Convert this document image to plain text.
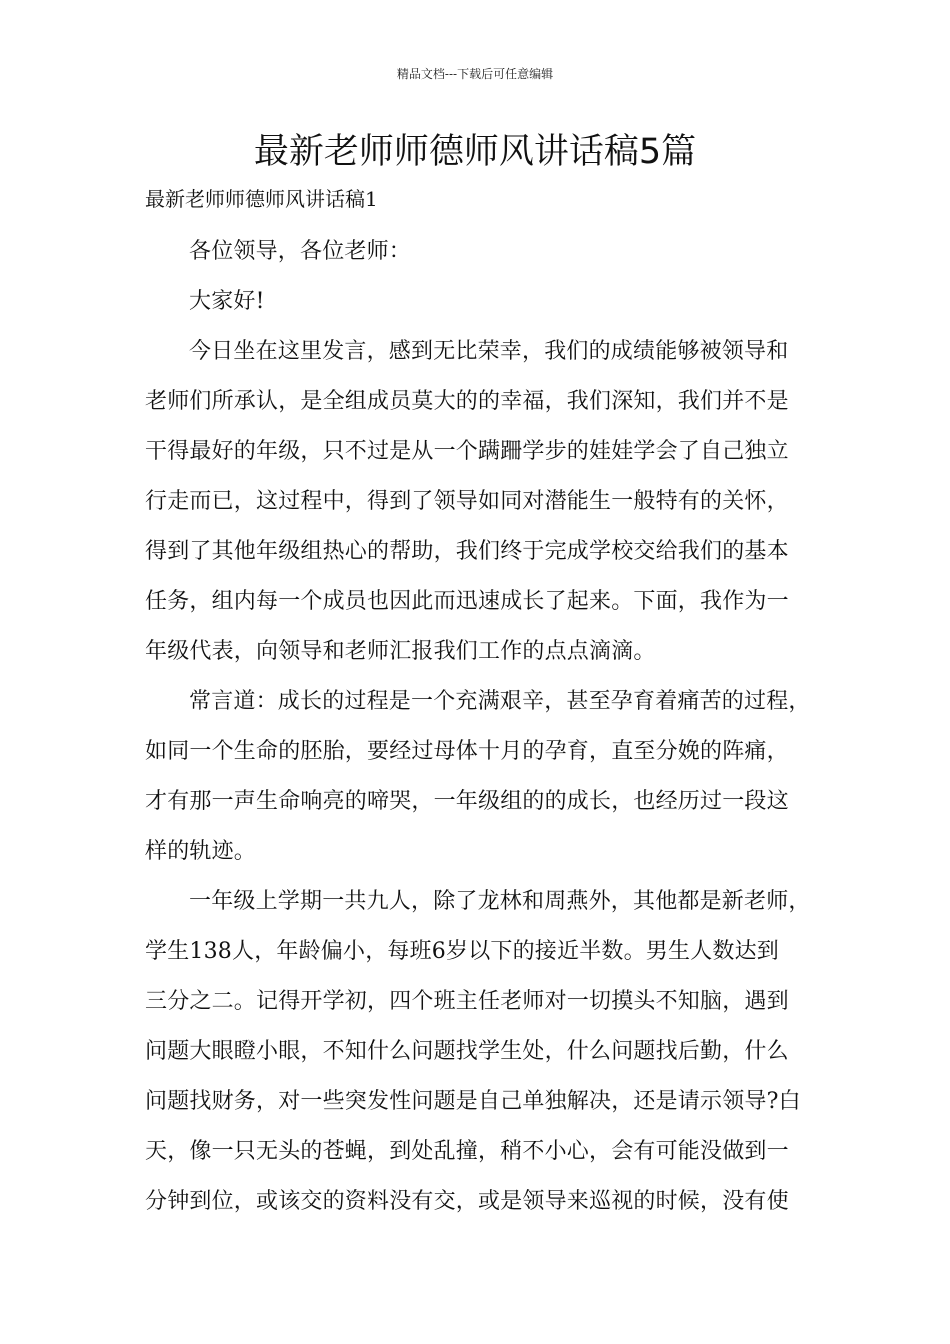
精品文档---下载后可任意编辑
最新老师师德师风讲话稿5篇
最新老师师德师风讲话稿1
各位领导，各位老师：
大家好!
今日坐在这里发言，感到无比荣幸，我们的成绩能够被领导和
老师们所承认，是全组成员莫大的的幸福，我们深知，我们并不是
干得最好的年级，只不过是从一个蹒跚学步的娃娃学会了自己独立
行走而已，这过程中，得到了领导如同对潜能生一般特有的关怀，
得到了其他年级组热心的帮助，我们终于完成学校交给我们的基本
任务，组内每一个成员也因此而迅速成长了起来。下面，我作为一
年级代表，向领导和老师汇报我们工作的点点滴滴。
常言道：成长的过程是一个充满艰辛，甚至孕育着痛苦的过程，
如同一个生命的胚胎，要经过母体十月的孕育，直至分娩的阵痛，
才有那一声生命响亮的啼哭，一年级组的的成长，也经历过一段这
样的轨迹。
一年级上学期一共九人，除了龙林和周燕外，其他都是新老师，
学生138人，年龄偏小，每班6岁以下的接近半数。男生人数达到
三分之二。记得开学初，四个班主任老师对一切摸头不知脑，遇到
问题大眼瞪小眼，不知什么问题找学生处，什么问题找后勤，什么
问题找财务，对一些突发性问题是自己单独解决，还是请示领导?白
天，像一只无头的苍蝇，到处乱撞，稍不小心，会有可能没做到一
分钟到位，或该交的资料没有交，或是领导来巡视的时候，没有使
